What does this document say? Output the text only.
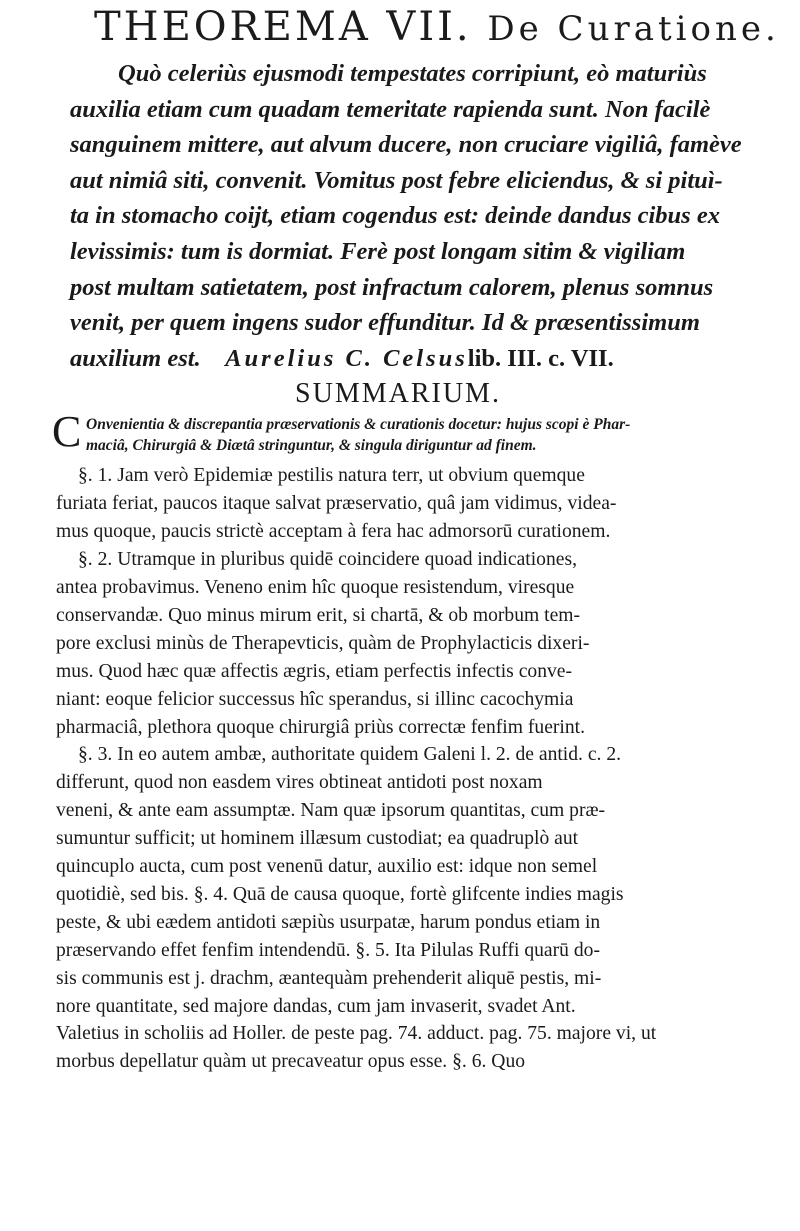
THEOREMA VII. De Curatione.
Quò celeriùs ejusmodi tempestates corripiunt, eò maturiùs
auxilia etiam cum quadam temeritate rapienda sunt. Non facilè
sanguinem mittere, aut alvum ducere, non cruciare vigiliâ, famève
aut nimiâ siti, convenit. Vomitus post febre eliciendus, & si pituì-
ta in stomacho coijt, etiam cogendus est: deinde dandus cibus ex
levissimis: tum is dormiat. Ferè post longam sitim & vigiliam
post multam satietatem, post infractum calorem, plenus somnus
venit, per quem ingens sudor effunditur. Id & præsentissimum
auxilium est. Aurelius C. Celsuslib. III. c. VII.
SUMMARIUM.
C Onvenientia & discrepantia præservationis & curationis docetur: hujus scopi è Phar-
maciâ, Chirurgiâ & Diætâ stringuntur, & singula diriguntur ad finem.
§. 1. Jam verò Epidemiæ pestilis natura terr, ut obvium quemque
furiata feriat, paucos itaque salvat præservatio, quâ jam vidimus, videa-
mus quoque, paucis strictè acceptam à fera hac admorsorū curationem.
§. 2. Utramque in pluribus quidē coincidere quoad indicationes,
antea probavimus. Veneno enim hîc quoque resistendum, viresque
conservandæ. Quo minus mirum erit, si chartā, & ob morbum tem-
pore exclusi minùs de Therapevticis, quàm de Prophylacticis dixeri-
mus. Quod hæc quæ affectis ægris, etiam perfectis infectis conve-
niant: eoque felicior successus hîc sperandus, si illinc cacochymia
pharmaciâ, plethora quoque chirurgiâ priùs correctæ fenfim fuerint.
§. 3. In eo autem ambæ, authoritate quidem Galeni l. 2. de antid. c. 2.
differunt, quod non easdem vires obtineat antidoti post noxam
veneni, & ante eam assumptæ. Nam quæ ipsorum quantitas, cum præ-
sumuntur sufficit; ut hominem illæsum custodiat; ea quadruplò aut
quincuplo aucta, cum post venenū datur, auxilio est: idque non semel
quotidiè, sed bis. §. 4. Quā de causa quoque, fortè glifcente indies magis
peste, & ubi eædem antidoti sæpiùs usurpatæ, harum pondus etiam in
præservando effet fenfim intendendū. §. 5. Ita Pilulas Ruffi quarū do-
sis communis est j. drachm, æantequàm prehenderit aliquē pestis, mi-
nore quantitate, sed majore dandas, cum jam invaserit, svadet Ant.
Valetius in scholiis ad Holler. de peste pag. 74. adduct. pag. 75. majore vi, ut
morbus depellatur quàm ut precaveatur opus esse. §. 6. Quo
